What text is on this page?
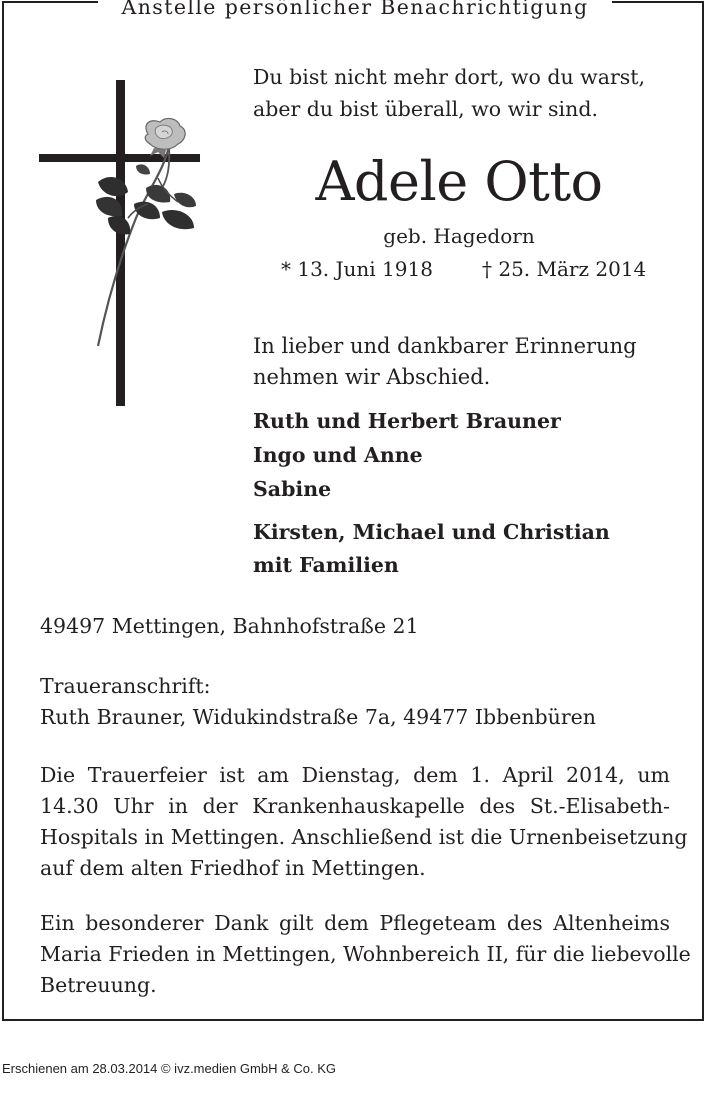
Anstelle persönlicher Benachrichtigung

Du bist nicht mehr dort, wo du warst,

aber du bist überall, wo wir sind.

Adele Otto
geb. Hagedorn

* 13. Juni 1918 † 25. März 2014

In lieber und dankbarer Erinnerung

nehmen wir Abschied.

Ruth und Herbert Brauner

Ingo und Anne

Sabine

Kirsten, Michael und Christian

mit Familien

49497 Mettingen, Bahnhofstraße 21

Traueranschrift:

Ruth Brauner, Widukindstraße 7a, 49477 Ibbenbüren

Die Trauerfeier ist am Dienstag, dem 1. April 2014, um
14.30 Uhr in der Krankenhauskapelle des St.-Elisabeth-
Hospitals in Mettingen. Anschließend ist die Urnenbeisetzung
auf dem alten Friedhof in Mettingen.
Ein besonderer Dank gilt dem Pflegeteam des Altenheims
Maria Frieden in Mettingen, Wohnbereich II, für die liebevolle
Betreuung.
Erschienen am 28.03.2014 © ivz.medien GmbH & Co. KG
